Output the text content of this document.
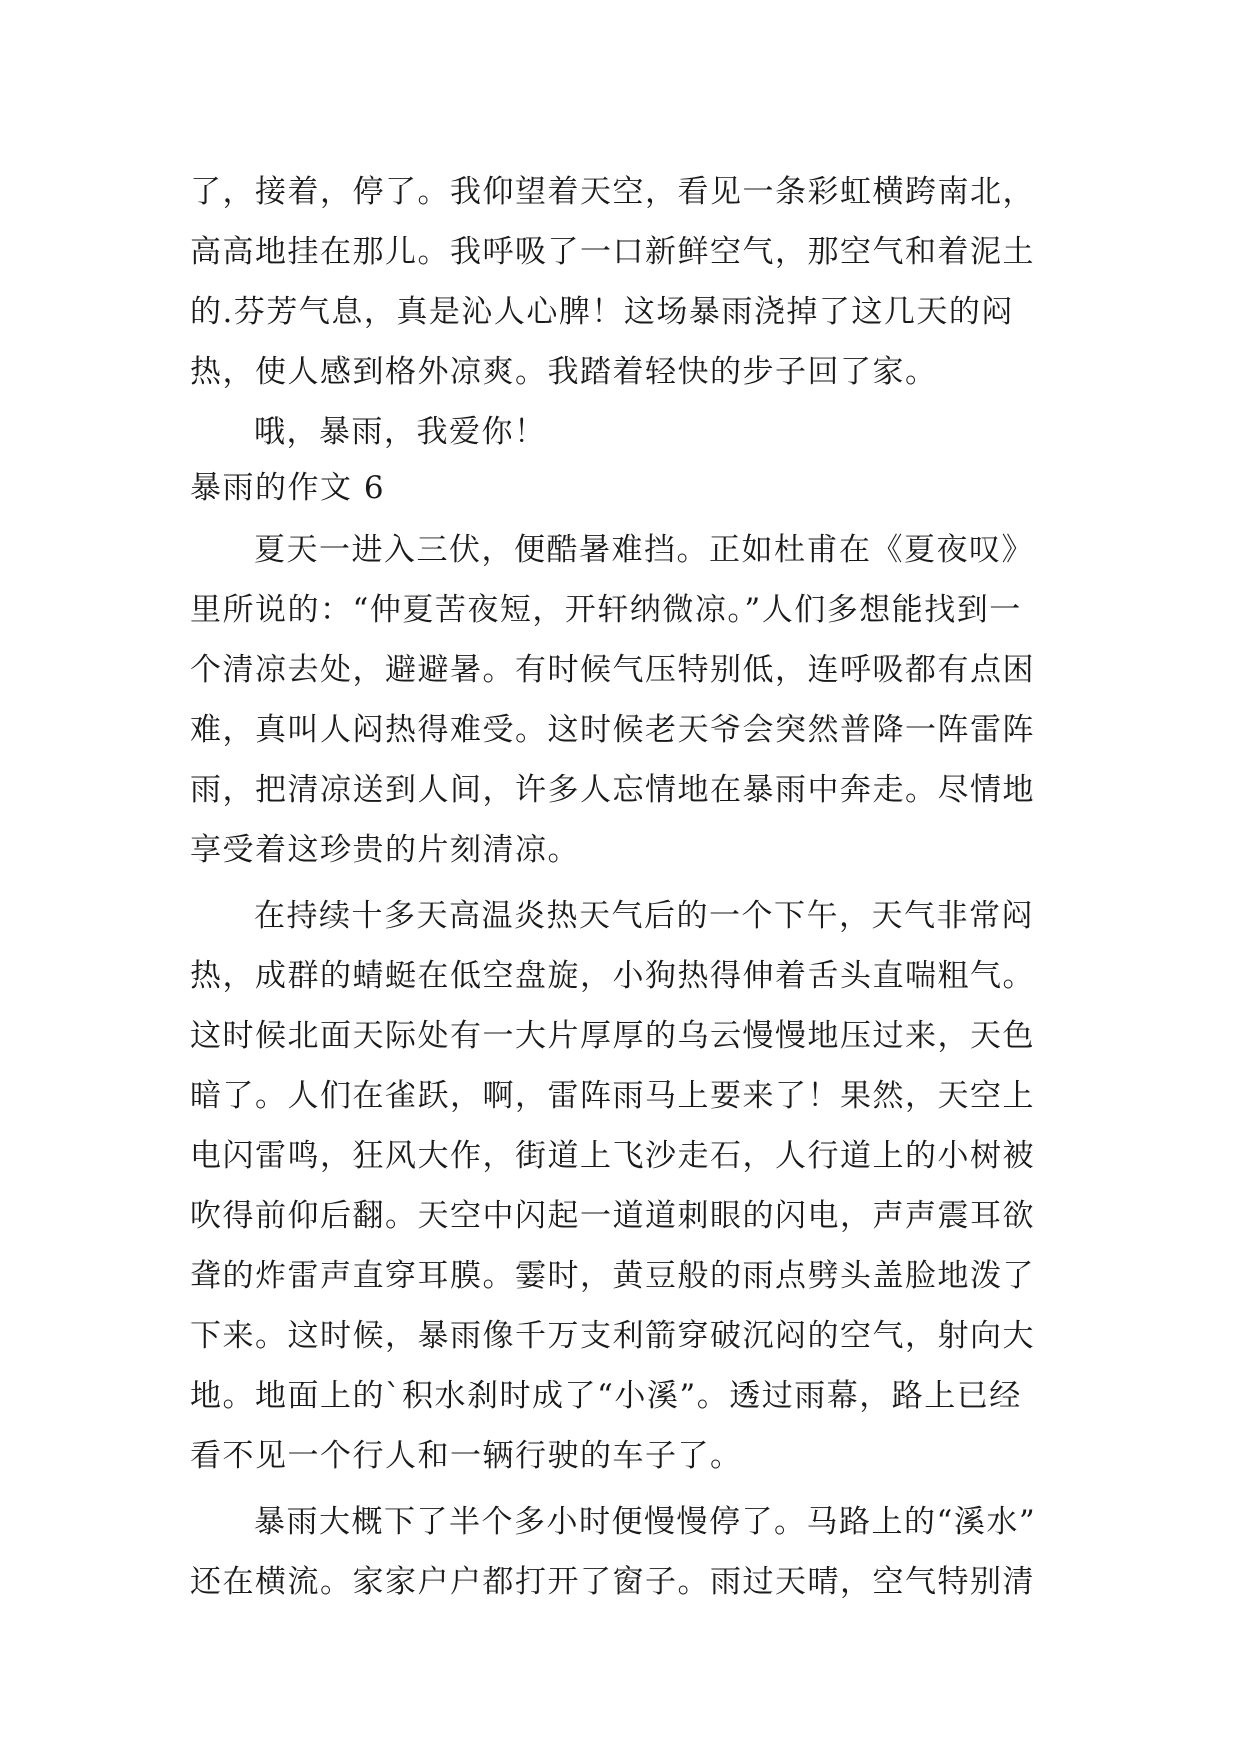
了，接着，停了。我仰望着天空，看见一条彩虹横跨南北，
高高地挂在那儿。我呼吸了一口新鲜空气，那空气和着泥土
的.芬芳气息，真是沁人心脾！这场暴雨浇掉了这几天的闷
热，使人感到格外凉爽。我踏着轻快的步子回了家。
哦，暴雨，我爱你！
暴雨的作文 6
夏天一进入三伏，便酷暑难挡。正如杜甫在《夏夜叹》
里所说的：“仲夏苦夜短，开轩纳微凉。”人们多想能找到一
个清凉去处，避避暑。有时候气压特别低，连呼吸都有点困
难，真叫人闷热得难受。这时候老天爷会突然普降一阵雷阵
雨，把清凉送到人间，许多人忘情地在暴雨中奔走。尽情地
享受着这珍贵的片刻清凉。
在持续十多天高温炎热天气后的一个下午，天气非常闷
热，成群的蜻蜓在低空盘旋，小狗热得伸着舌头直喘粗气。
这时候北面天际处有一大片厚厚的乌云慢慢地压过来，天色
暗了。人们在雀跃，啊，雷阵雨马上要来了！果然，天空上
电闪雷鸣，狂风大作，街道上飞沙走石，人行道上的小树被
吹得前仰后翻。天空中闪起一道道刺眼的闪电，声声震耳欲
聋的炸雷声直穿耳膜。霎时，黄豆般的雨点劈头盖脸地泼了
下来。这时候，暴雨像千万支利箭穿破沉闷的空气，射向大
地。地面上的`积水刹时成了“小溪”。透过雨幕，路上已经
看不见一个行人和一辆行驶的车子了。
暴雨大概下了半个多小时便慢慢停了。马路上的“溪水”
还在横流。家家户户都打开了窗子。雨过天晴，空气特别清
